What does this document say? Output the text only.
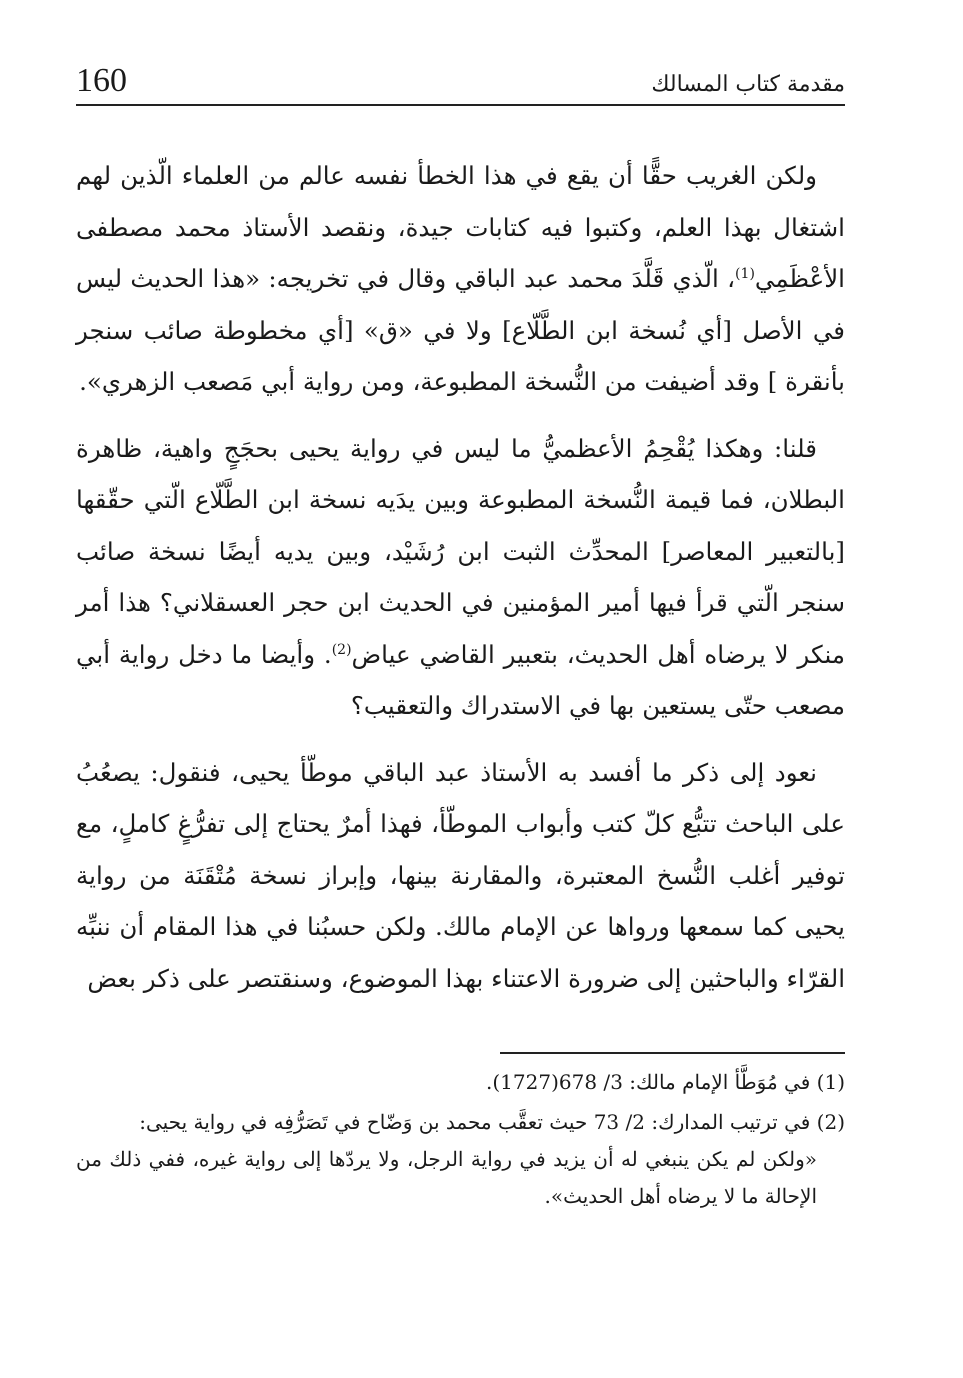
160	مقدمة كتاب المسالك

ولكن الغريب حقًّا أن يقع في هذا الخطأ نفسه عالم من العلماء الّذين لهم اشتغال بهذا العلم، وكتبوا فيه كتابات جيدة، ونقصد الأستاذ محمد مصطفى الأعْظَمِي$^{(1)}$، الّذي قَلَّدَ محمد عبد الباقي وقال في تخريجه: «هذا الحديث ليس في الأصل [أي نُسخة ابن الطَّلّاع] ولا في «ق» [أي مخطوطة صائب سنجر بأنقرة ] وقد أضيفت من النُّسخة المطبوعة، ومن رواية أبي مَصعب الزهري».

قلنا: وهكذا يُقْحِمُ الأعظميُّ ما ليس في رواية يحيى بحجَجٍ واهية، ظاهرة البطلان، فما قيمة النُّسخة المطبوعة وبين يدَيه نسخة ابن الطَّلّاع الّتي حقّقها [بالتعبير المعاصر] المحدِّث الثبت ابن رُشَيْد، وبين يديه أيضًا نسخة صائب سنجر الّتي قرأ فيها أمير المؤمنين في الحديث ابن حجر العسقلاني؟ هذا أمر منكر لا يرضاه أهل الحديث، بتعبير القاضي عياض$^{(2)}$. وأيضا ما دخل رواية أبي مصعب حتّى يستعين بها في الاستدراك والتعقيب؟

نعود إلى ذكر ما أفسد به الأستاذ عبد الباقي موطّأ يحيى، فنقول: يصعُبُ على الباحث تتبُّع كلّ كتب وأبواب الموطّأ، فهذا أمرٌ يحتاج إلى تفرُّغٍ كاملٍ، مع توفير أغلب النُّسخ المعتبرة، والمقارنة بينها، وإبراز نسخة مُتْقَنَة من رواية يحيى كما سمعها ورواها عن الإمام مالك. ولكن حسبُنا في هذا المقام أن ننبِّه القرّاء والباحثين إلى ضرورة الاعتناء بهذا الموضوع، وسنقتصر على ذكر بعض

(1) في مُوَطَّأ الإمام مالك: 3/ 678(1727).
(2) في ترتيب المدارك: 2/ 73 حيث تعقَّب محمد بن وَضّاح في تَصَرُّفِه في رواية يحيى:
«ولكن لم يكن ينبغي له أن يزيد في رواية الرجل، ولا يردّها إلى رواية غيره، ففي ذلك من الإحالة ما لا يرضاه أهل الحديث».
